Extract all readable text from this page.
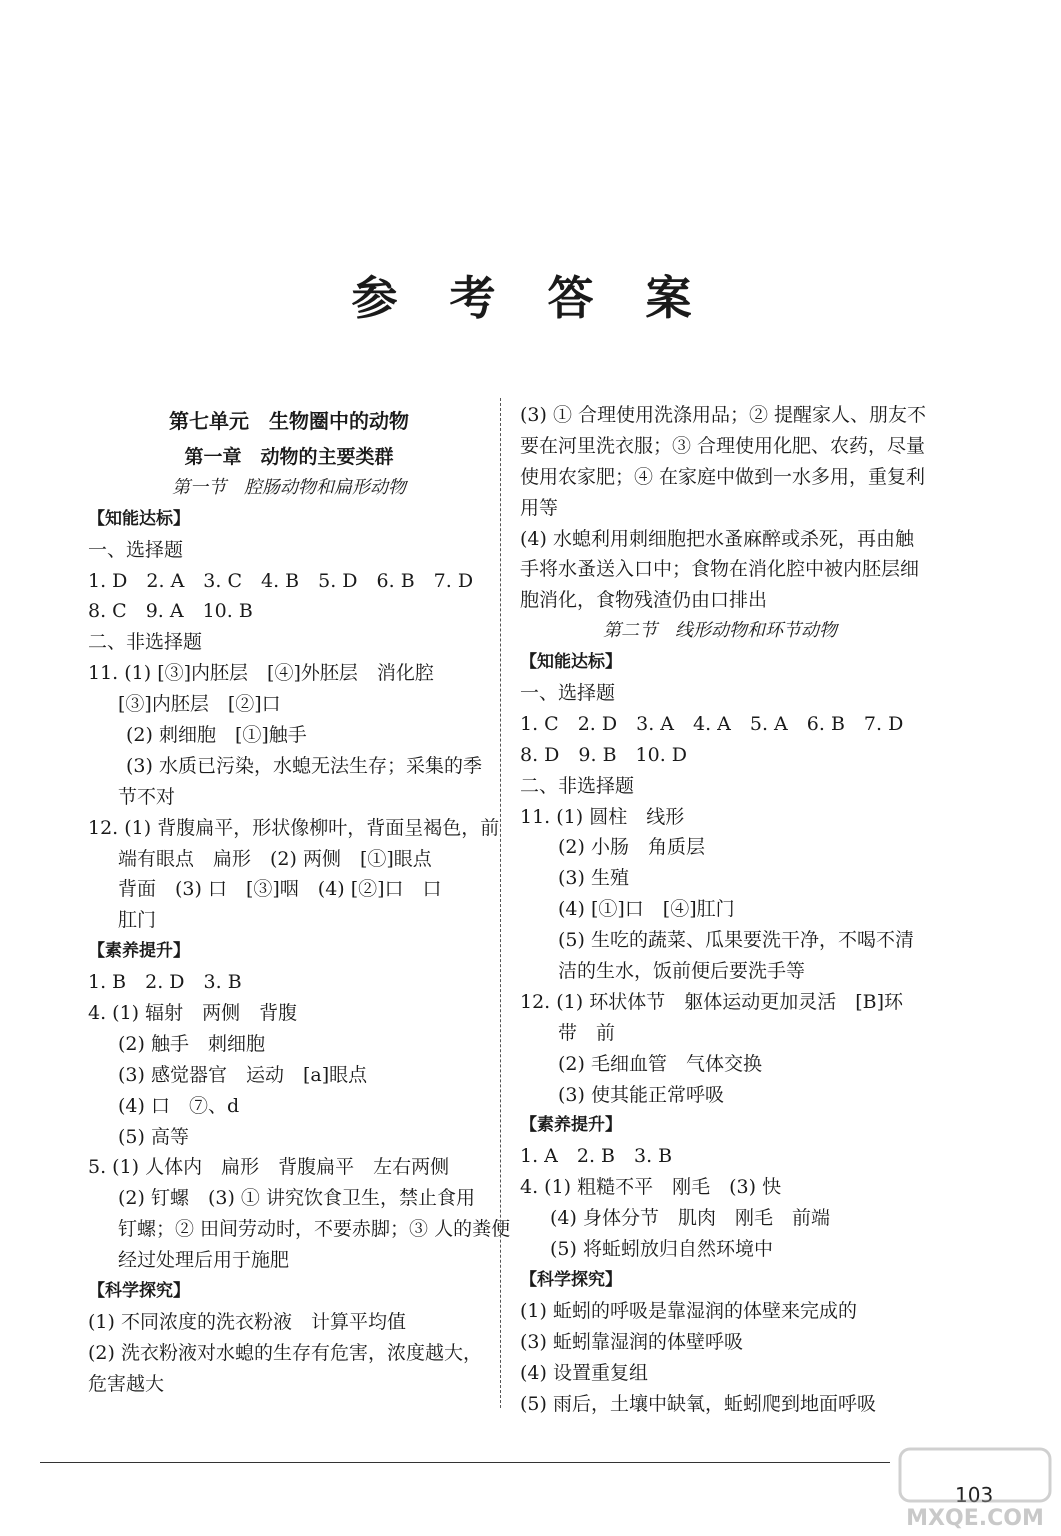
参 考 答 案
第七单元　生物圈中的动物
第一章　动物的主要类群
第一节　腔肠动物和扁形动物
【知能达标】
一、选择题
1. D　2. A　3. C　4. B　5. D　6. B　7. D
8. C　9. A　10. B
二、非选择题
11. (1) [③]内胚层　[④]外胚层　消化腔
[③]内胚层　[②]口
(2) 刺细胞　[①]触手
(3) 水质已污染，水螅无法生存；采集的季
节不对
12. (1) 背腹扁平，形状像柳叶，背面呈褐色，前
端有眼点　扁形　(2) 两侧　[①]眼点
背面　(3) 口　[③]咽　(4) [②]口　口
肛门
【素养提升】
1. B　2. D　3. B
4. (1) 辐射　两侧　背腹
(2) 触手　刺细胞
(3) 感觉器官　运动　[a]眼点
(4) 口　⑦、d
(5) 高等
5. (1) 人体内　扁形　背腹扁平　左右两侧
(2) 钉螺　(3) ① 讲究饮食卫生，禁止食用
钉螺；② 田间劳动时，不要赤脚；③ 人的粪便
经过处理后用于施肥
【科学探究】
(1) 不同浓度的洗衣粉液　计算平均值
(2) 洗衣粉液对水螅的生存有危害，浓度越大，
危害越大
(3) ① 合理使用洗涤用品；② 提醒家人、朋友不
要在河里洗衣服；③ 合理使用化肥、农药，尽量
使用农家肥；④ 在家庭中做到一水多用，重复利
用等
(4) 水螅利用刺细胞把水蚤麻醉或杀死，再由触
手将水蚤送入口中；食物在消化腔中被内胚层细
胞消化，食物残渣仍由口排出
第二节　线形动物和环节动物
【知能达标】
一、选择题
1. C　2. D　3. A　4. A　5. A　6. B　7. D
8. D　9. B　10. D
二、非选择题
11. (1) 圆柱　线形
(2) 小肠　角质层
(3) 生殖
(4) [①]口　[④]肛门
(5) 生吃的蔬菜、瓜果要洗干净，不喝不清
洁的生水，饭前便后要洗手等
12. (1) 环状体节　躯体运动更加灵活　[B]环
带　前
(2) 毛细血管　气体交换
(3) 使其能正常呼吸
【素养提升】
1. A　2. B　3. B
4. (1) 粗糙不平　刚毛　(3) 快
(4) 身体分节　肌肉　刚毛　前端
(5) 将蚯蚓放归自然环境中
【科学探究】
(1) 蚯蚓的呼吸是靠湿润的体壁来完成的
(3) 蚯蚓靠湿润的体壁呼吸
(4) 设置重复组
(5) 雨后，土壤中缺氧，蚯蚓爬到地面呼吸
103
MXQE.COM
